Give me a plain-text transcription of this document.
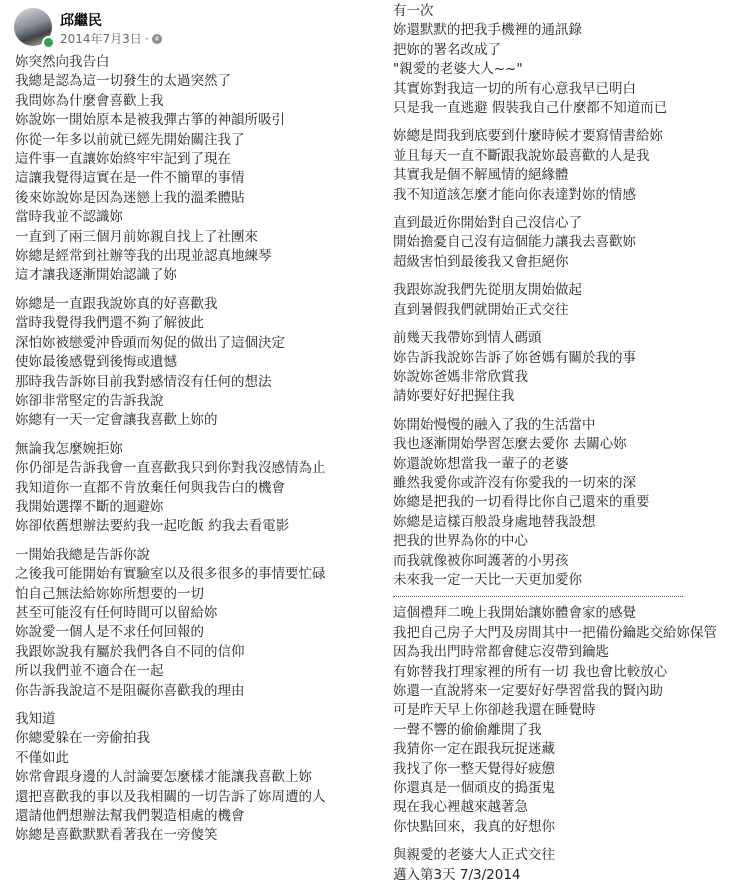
邱繼民
2014年7月3日 ·
妳突然向我告白
我總是認為這一切發生的太過突然了
我問妳為什麼會喜歡上我
妳說妳一開始原本是被我彈古箏的神韻所吸引
你從一年多以前就已經先開始關注我了
這件事一直讓妳始終牢牢記到了現在
這讓我覺得這實在是一件不簡單的事情
後來妳說妳是因為迷戀上我的溫柔體貼
當時我並不認識妳
一直到了兩三個月前妳親自找上了社團來
妳總是經常到社辦等我的出現並認真地練琴
這才讓我逐漸開始認識了妳
妳總是一直跟我說妳真的好喜歡我
當時我覺得我們還不夠了解彼此
深怕妳被戀愛沖昏頭而匆促的做出了這個決定
使妳最後感覺到後悔或遺憾
那時我告訴妳目前我對感情沒有任何的想法
妳卻非常堅定的告訴我說
妳總有一天一定會讓我喜歡上妳的
無論我怎麼婉拒妳
你仍卻是告訴我會一直喜歡我只到你對我沒感情為止
我知道你一直都不肯放棄任何與我告白的機會
我開始選擇不斷的迴避妳
妳卻依舊想辦法要約我一起吃飯 約我去看電影
一開始我總是告訴你說
之後我可能開始有實驗室以及很多很多的事情要忙碌
怕自己無法給妳妳所想要的一切
甚至可能沒有任何時間可以留給妳
妳說愛一個人是不求任何回報的
我跟妳說我有屬於我們各自不同的信仰
所以我們並不適合在一起
你告訴我說這不是阻礙你喜歡我的理由
我知道
你總愛躲在一旁偷拍我
不僅如此
妳常會跟身邊的人討論要怎麼樣才能讓我喜歡上妳
還把喜歡我的事以及我相關的一切告訴了妳周遭的人
還請他們想辦法幫我們製造相處的機會
妳總是喜歡默默看著我在一旁傻笑
有一次
妳還默默的把我手機裡的通訊錄
把妳的署名改成了
"親愛的老婆大人~~"
其實妳對我這一切的所有心意我早已明白
只是我一直逃避 假裝我自己什麼都不知道而已
妳總是問我到底要到什麼時候才要寫情書給妳
並且每天一直不斷跟我說妳最喜歡的人是我
其實我是個不解風情的絕緣體
我不知道該怎麼才能向你表達對妳的情感
直到最近你開始對自己沒信心了
開始擔憂自己沒有這個能力讓我去喜歡妳
超級害怕到最後我又會拒絕你
我跟妳說我們先從朋友開始做起
直到暑假我們就開始正式交往
前幾天我帶妳到情人碼頭
妳告訴我說妳告訴了妳爸媽有關於我的事
妳說妳爸媽非常欣賞我
請妳要好好把握住我
妳開始慢慢的融入了我的生活當中
我也逐漸開始學習怎麼去愛你 去關心妳
妳還說妳想當我一輩子的老婆
雖然我愛你或許沒有你愛我的一切來的深
妳總是把我的一切看得比你自己還來的重要
妳總是這樣百般設身處地替我設想
把我的世界為你的中心
而我就像被你呵護著的小男孩
未來我一定一天比一天更加愛你
這個禮拜二晚上我開始讓妳體會家的感覺
我把自己房子大門及房間其中一把備份鑰匙交給妳保管
因為我出門時常都會健忘沒帶到鑰匙
有妳替我打理家裡的所有一切 我也會比較放心
妳還一直說將來一定要好好學習當我的賢內助
可是昨天早上你卻趁我還在睡覺時
一聲不響的偷偷離開了我
我猜你一定在跟我玩捉迷藏
我找了你一整天覺得好疲憊
你還真是一個頑皮的搗蛋鬼
現在我心裡越來越著急
你快點回來，我真的好想你
與親愛的老婆大人正式交往
邁入第3天 7/3/2014
